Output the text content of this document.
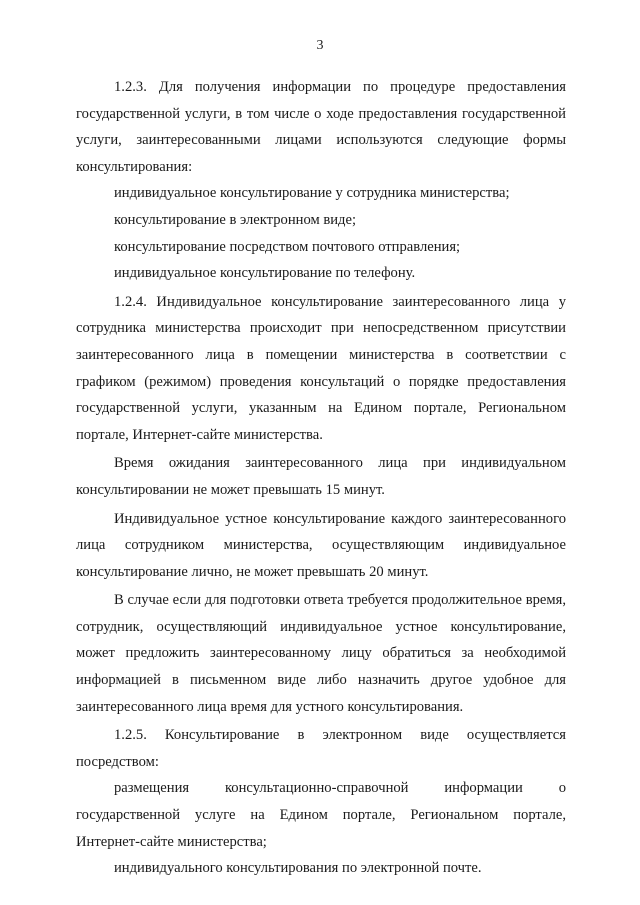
3

1.2.3. Для получения информации по процедуре предоставления государственной услуги, в том числе о ходе предоставления государственной услуги, заинтересованными лицами используются следующие формы консультирования:

индивидуальное консультирование у сотрудника министерства;

консультирование в электронном виде;

консультирование посредством почтового отправления;

индивидуальное консультирование по телефону.

1.2.4. Индивидуальное консультирование заинтересованного лица у сотрудника министерства происходит при непосредственном присутствии заинтересованного лица в помещении министерства в соответствии с графиком (режимом) проведения консультаций о порядке предоставления государственной услуги, указанным на Едином портале, Региональном портале, Интернет-сайте министерства.

Время ожидания заинтересованного лица при индивидуальном консультировании не может превышать 15 минут.

Индивидуальное устное консультирование каждого заинтересованного лица сотрудником министерства, осуществляющим индивидуальное консультирование лично, не может превышать 20 минут.

В случае если для подготовки ответа требуется продолжительное время, сотрудник, осуществляющий индивидуальное устное консультирование, может предложить заинтересованному лицу обратиться за необходимой информацией в письменном виде либо назначить другое удобное для заинтересованного лица время для устного консультирования.

1.2.5. Консультирование в электронном виде осуществляется посредством:

размещения консультационно-справочной информации о государственной услуге на Едином портале, Региональном портале, Интернет-сайте министерства;

индивидуального консультирования по электронной почте.
